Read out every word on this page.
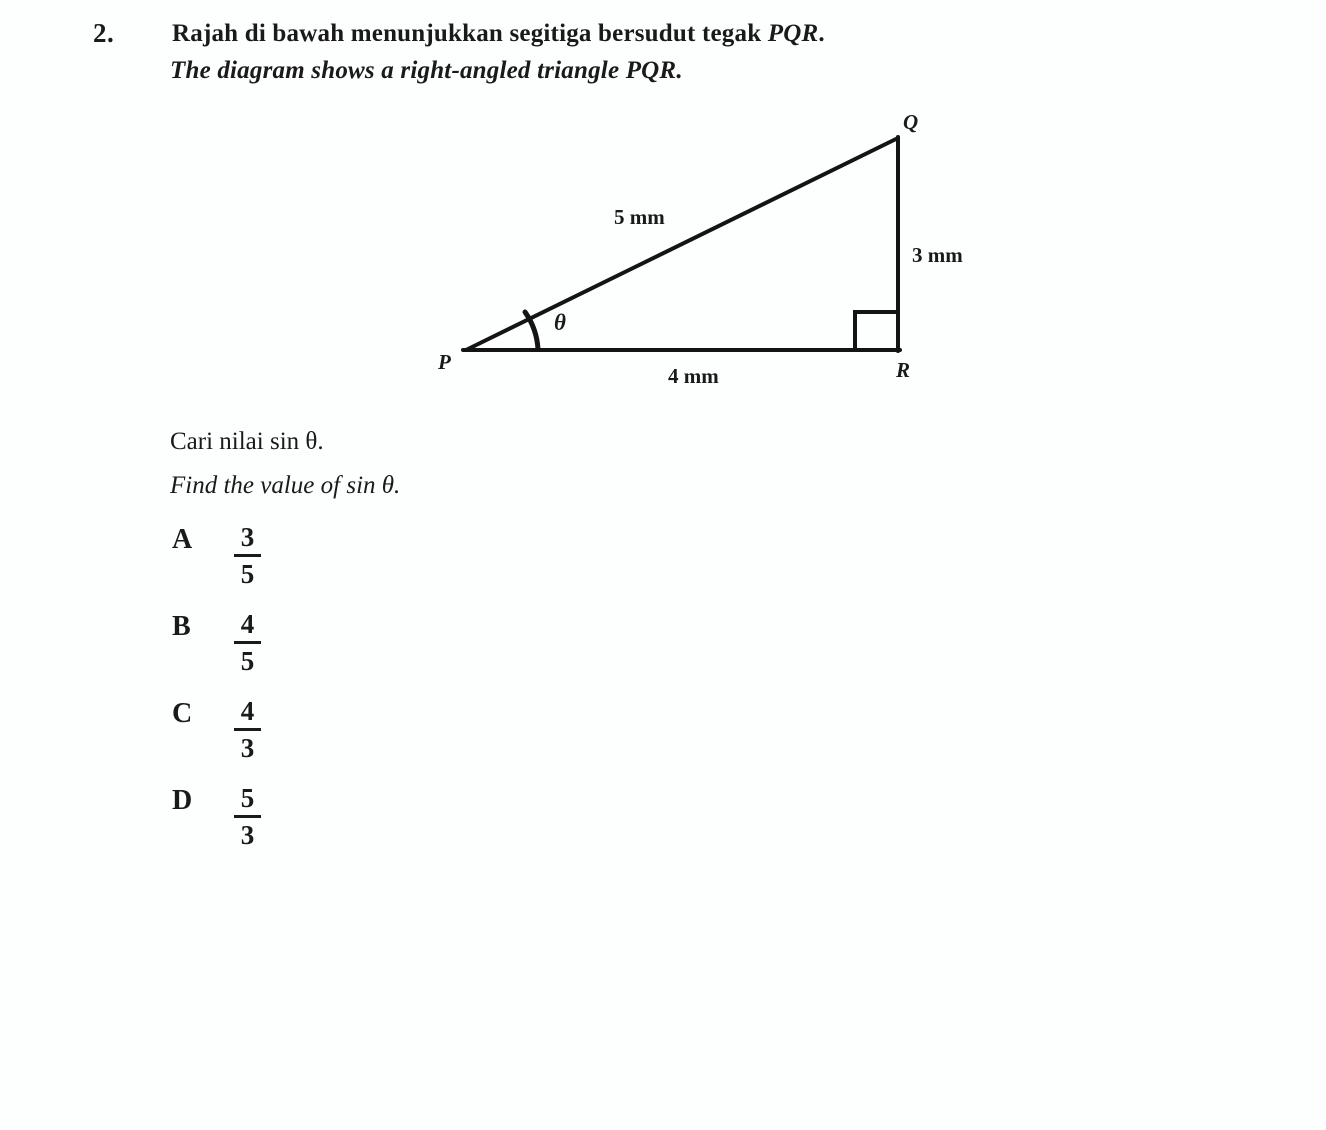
2. Rajah di bawah menunjukkan segitiga bersudut tegak PQR.
The diagram shows a right-angled triangle PQR.
P
Q
R
5 mm
3 mm
4 mm
θ
Cari nilai sin θ.
Find the value of sin θ.
A	$\frac{3}{5}$
B	$\frac{4}{5}$
C	$\frac{4}{3}$
D	$\frac{5}{3}$
